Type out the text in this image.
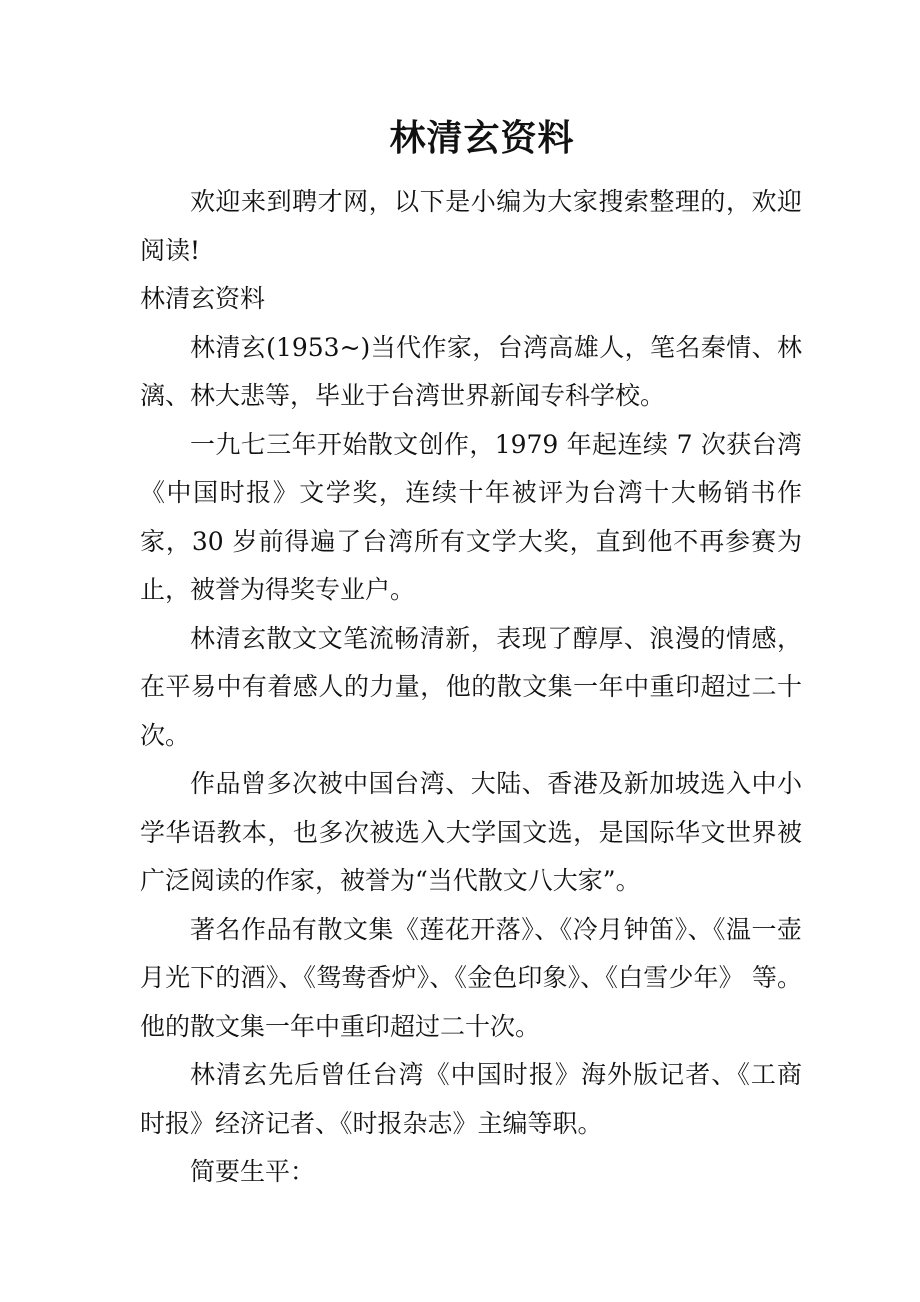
林清玄资料

欢迎来到聘才网，以下是小编为大家搜索整理的，欢迎阅读!

林清玄资料

林清玄(1953~)当代作家，台湾高雄人，笔名秦情、林漓、林大悲等，毕业于台湾世界新闻专科学校。

一九七三年开始散文创作，1979 年起连续 7 次获台湾《中国时报》文学奖，连续十年被评为台湾十大畅销书作家，30 岁前得遍了台湾所有文学大奖，直到他不再参赛为止，被誉为得奖专业户。

林清玄散文文笔流畅清新，表现了醇厚、浪漫的情感，在平易中有着感人的力量，他的散文集一年中重印超过二十次。

作品曾多次被中国台湾、大陆、香港及新加坡选入中小学华语教本，也多次被选入大学国文选，是国际华文世界被广泛阅读的作家，被誉为“当代散文八大家”。

著名作品有散文集《莲花开落》、《冷月钟笛》、《温一壶月光下的酒》、《鸳鸯香炉》、《金色印象》、《白雪少年》 等。他的散文集一年中重印超过二十次。

林清玄先后曾任台湾《中国时报》海外版记者、《工商时报》经济记者、《时报杂志》主编等职。

简要生平：
